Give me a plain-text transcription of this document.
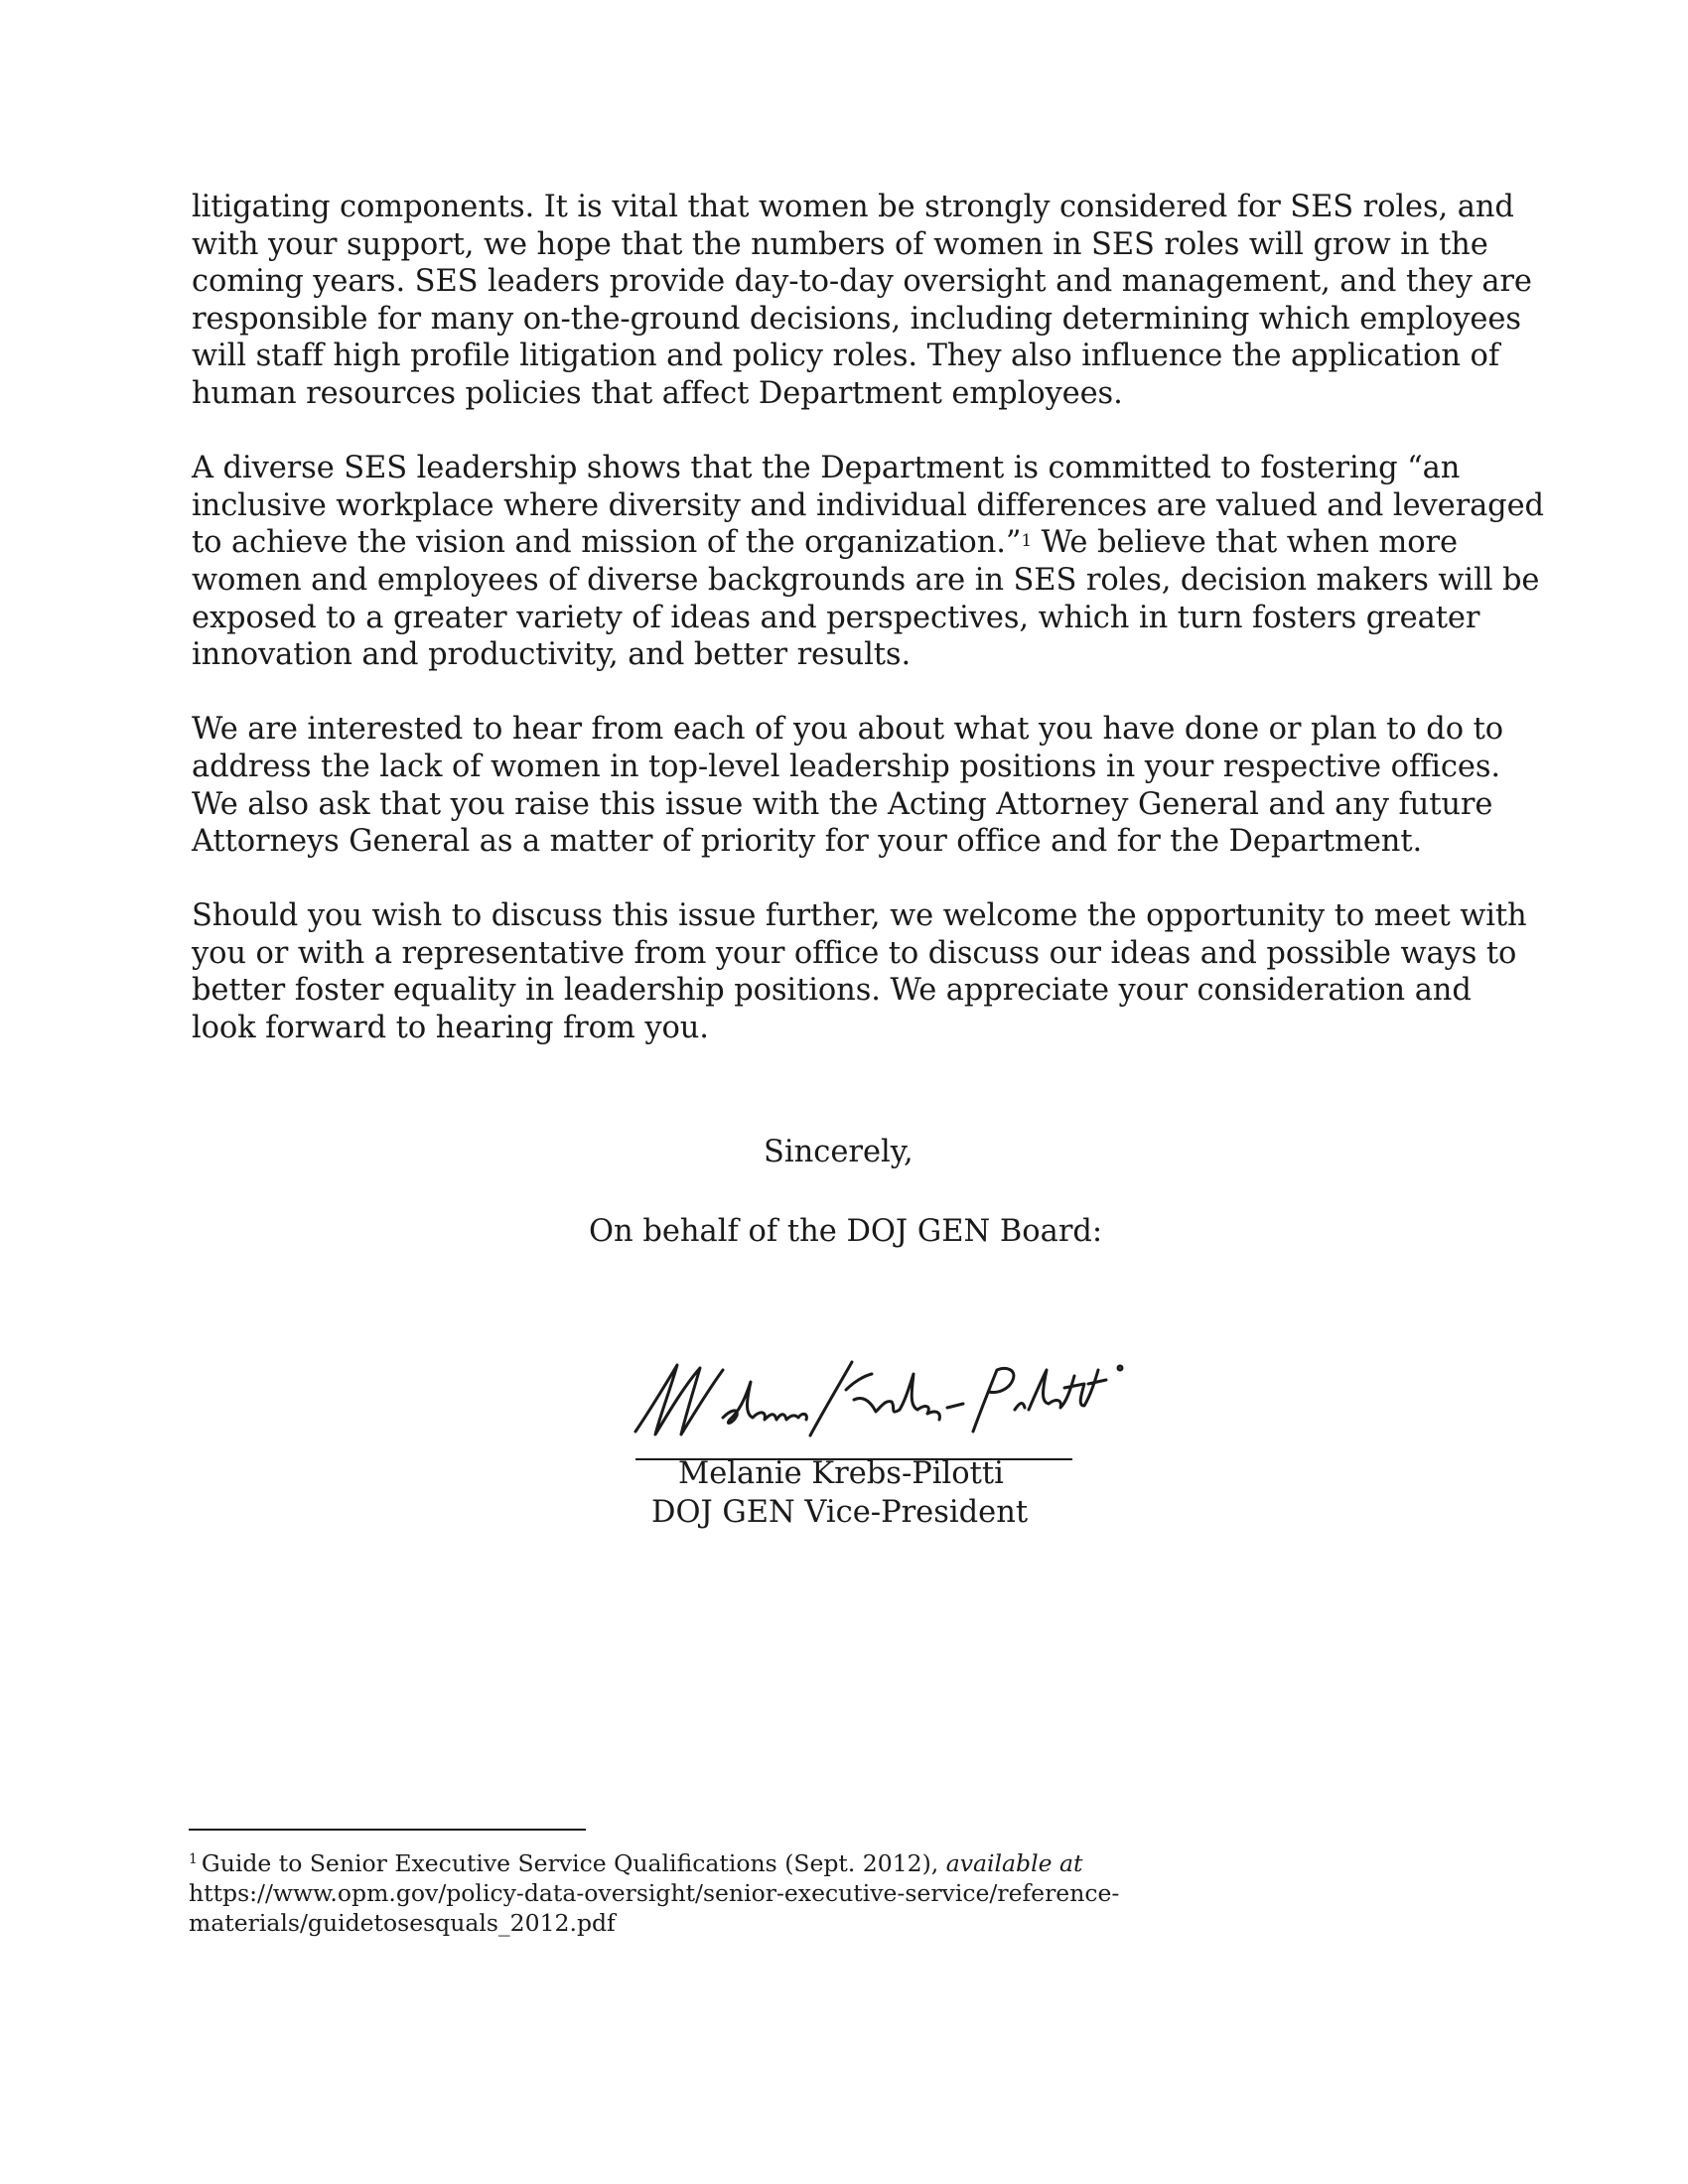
litigating components. It is vital that women be strongly considered for SES roles, and
with your support, we hope that the numbers of women in SES roles will grow in the
coming years. SES leaders provide day-to-day oversight and management, and they are
responsible for many on-the-ground decisions, including determining which employees
will staff high profile litigation and policy roles. They also influence the application of
human resources policies that affect Department employees.

A diverse SES leadership shows that the Department is committed to fostering “an
inclusive workplace where diversity and individual differences are valued and leveraged
to achieve the vision and mission of the organization.”$^1$ We believe that when more
women and employees of diverse backgrounds are in SES roles, decision makers will be
exposed to a greater variety of ideas and perspectives, which in turn fosters greater
innovation and productivity, and better results.

We are interested to hear from each of you about what you have done or plan to do to
address the lack of women in top-level leadership positions in your respective offices.
We also ask that you raise this issue with the Acting Attorney General and any future
Attorneys General as a matter of priority for your office and for the Department.

Should you wish to discuss this issue further, we welcome the opportunity to meet with
you or with a representative from your office to discuss our ideas and possible ways to
better foster equality in leadership positions. We appreciate your consideration and
look forward to hearing from you.

Sincerely,
On behalf of the DOJ GEN Board:
Melanie Krebs-Pilotti
DOJ GEN Vice-President
$^1$ Guide to Senior Executive Service Qualifications (Sept. 2012), available at
https://www.opm.gov/policy-data-oversight/senior-executive-service/reference-
materials/guidetosesquals_2012.pdf
